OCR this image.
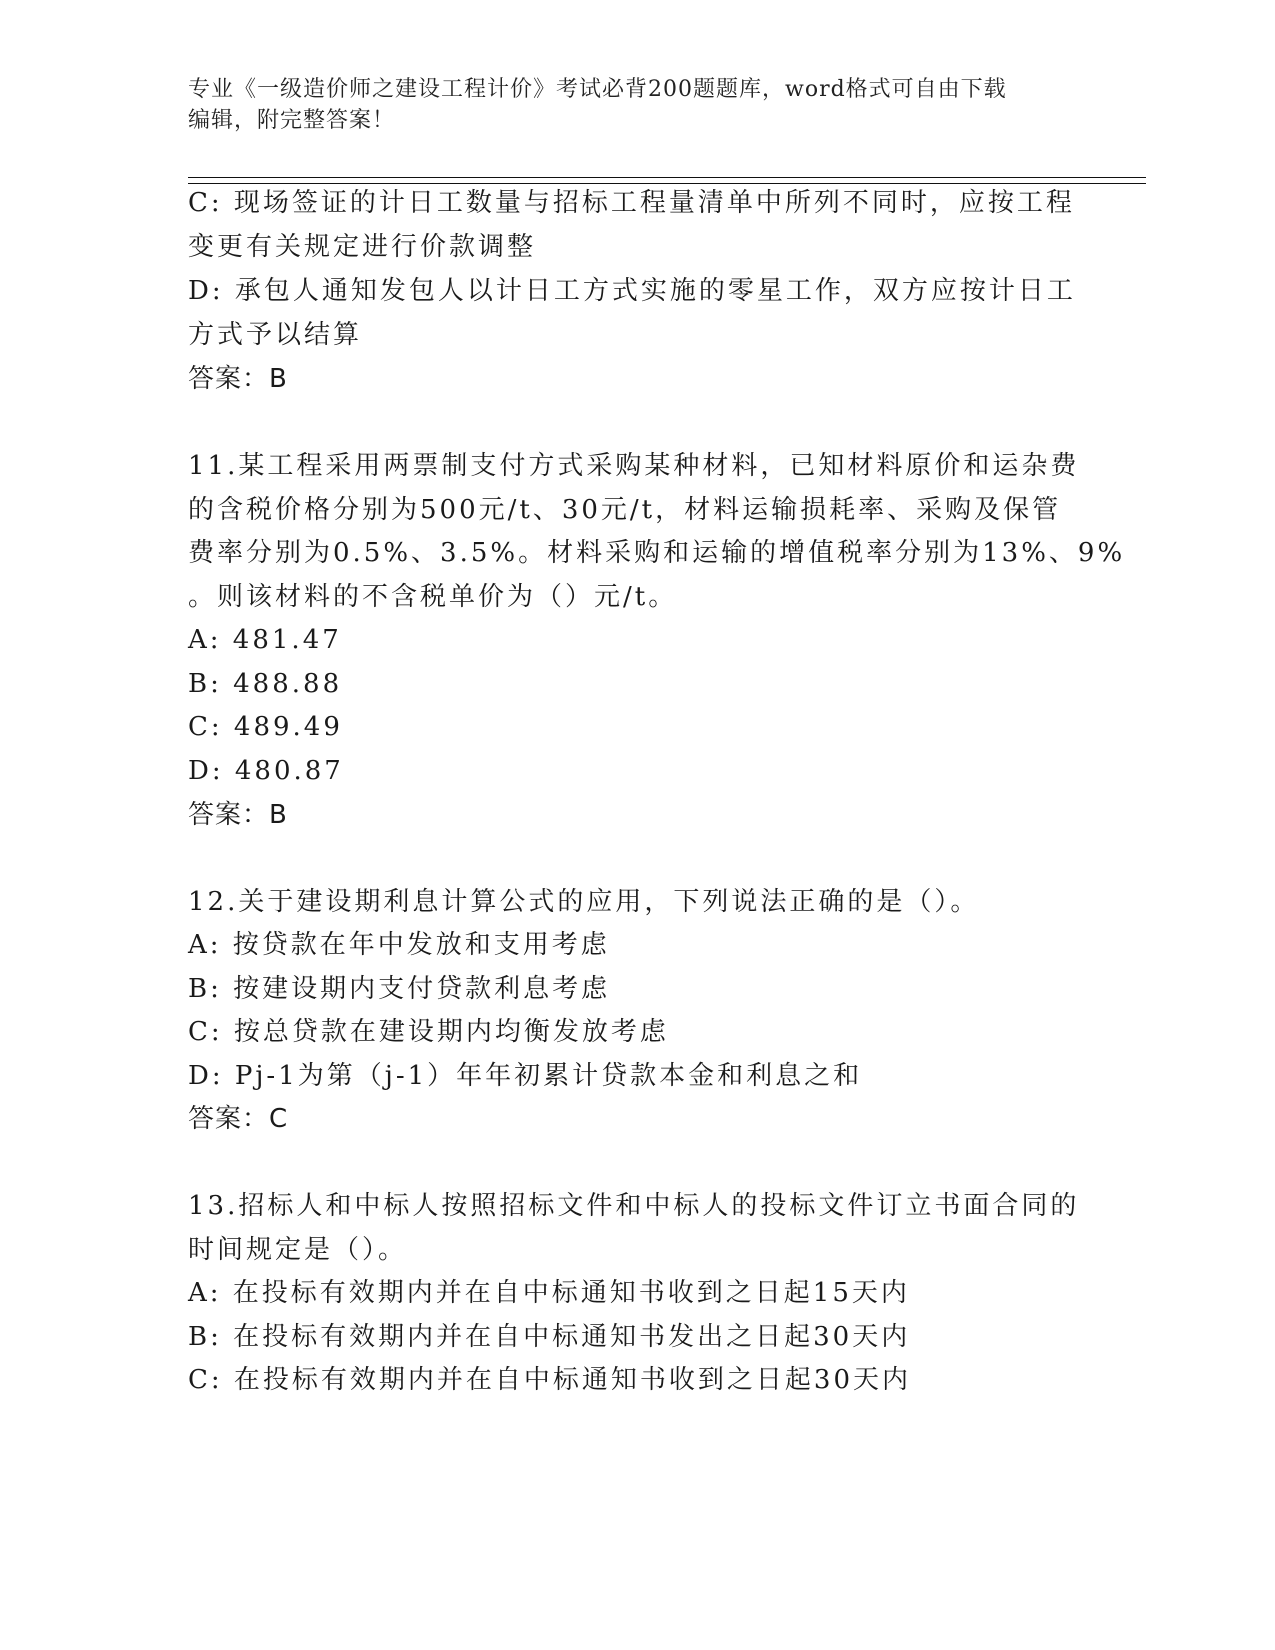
专业《一级造价师之建设工程计价》考试必背200题题库，word格式可自由下载

编辑，附完整答案！

C: 现场签证的计日工数量与招标工程量清单中所列不同时，应按工程
变更有关规定进行价款调整
D: 承包人通知发包人以计日工方式实施的零星工作，双方应按计日工
方式予以结算
答案：B
11.某工程采用两票制支付方式采购某种材料，已知材料原价和运杂费
的含税价格分别为500元/t、30元/t，材料运输损耗率、采购及保管
费率分别为0.5%、3.5%。材料采购和运输的增值税率分别为13%、9%
。则该材料的不含税单价为（）元/t。
A: 481.47
B: 488.88
C: 489.49
D: 480.87
答案：B
12.关于建设期利息计算公式的应用，下列说法正确的是（）。
A: 按贷款在年中发放和支用考虑
B: 按建设期内支付贷款利息考虑
C: 按总贷款在建设期内均衡发放考虑
D: Pj-1为第（j-1）年年初累计贷款本金和利息之和
答案：C
13.招标人和中标人按照招标文件和中标人的投标文件订立书面合同的
时间规定是（）。
A: 在投标有效期内并在自中标通知书收到之日起15天内
B: 在投标有效期内并在自中标通知书发出之日起30天内
C: 在投标有效期内并在自中标通知书收到之日起30天内
